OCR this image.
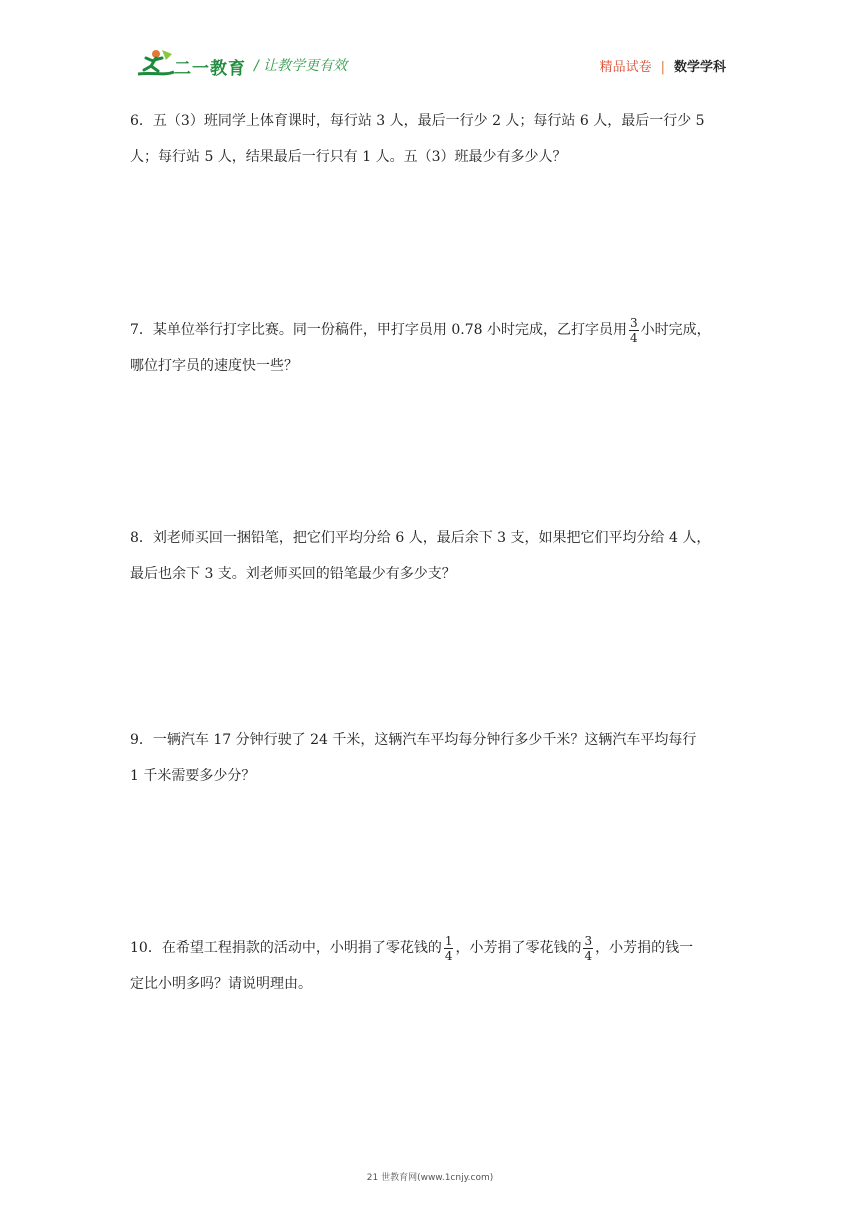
二一教育 / 让教学更有效	精品试卷 | 数学学科
6．五（3）班同学上体育课时，每行站 3 人，最后一行少 2 人；每行站 6 人，最后一行少 5
人；每行站 5 人，结果最后一行只有 1 人。五（3）班最少有多少人？
7．某单位举行打字比赛。同一份稿件，甲打字员用 0.78 小时完成，乙打字员用 $\frac{3}{4}$ 小时完成，
哪位打字员的速度快一些？
8．刘老师买回一捆铅笔，把它们平均分给 6 人，最后余下 3 支，如果把它们平均分给 4 人，
最后也余下 3 支。刘老师买回的铅笔最少有多少支？
9．一辆汽车 17 分钟行驶了 24 千米，这辆汽车平均每分钟行多少千米？这辆汽车平均每行
1 千米需要多少分？
10．在希望工程捐款的活动中，小明捐了零花钱的 $\frac{1}{4}$ ，小芳捐了零花钱的 $\frac{3}{4}$ ，小芳捐的钱一
定比小明多吗？请说明理由。
21 世教育网(www.1cnjy.com)
